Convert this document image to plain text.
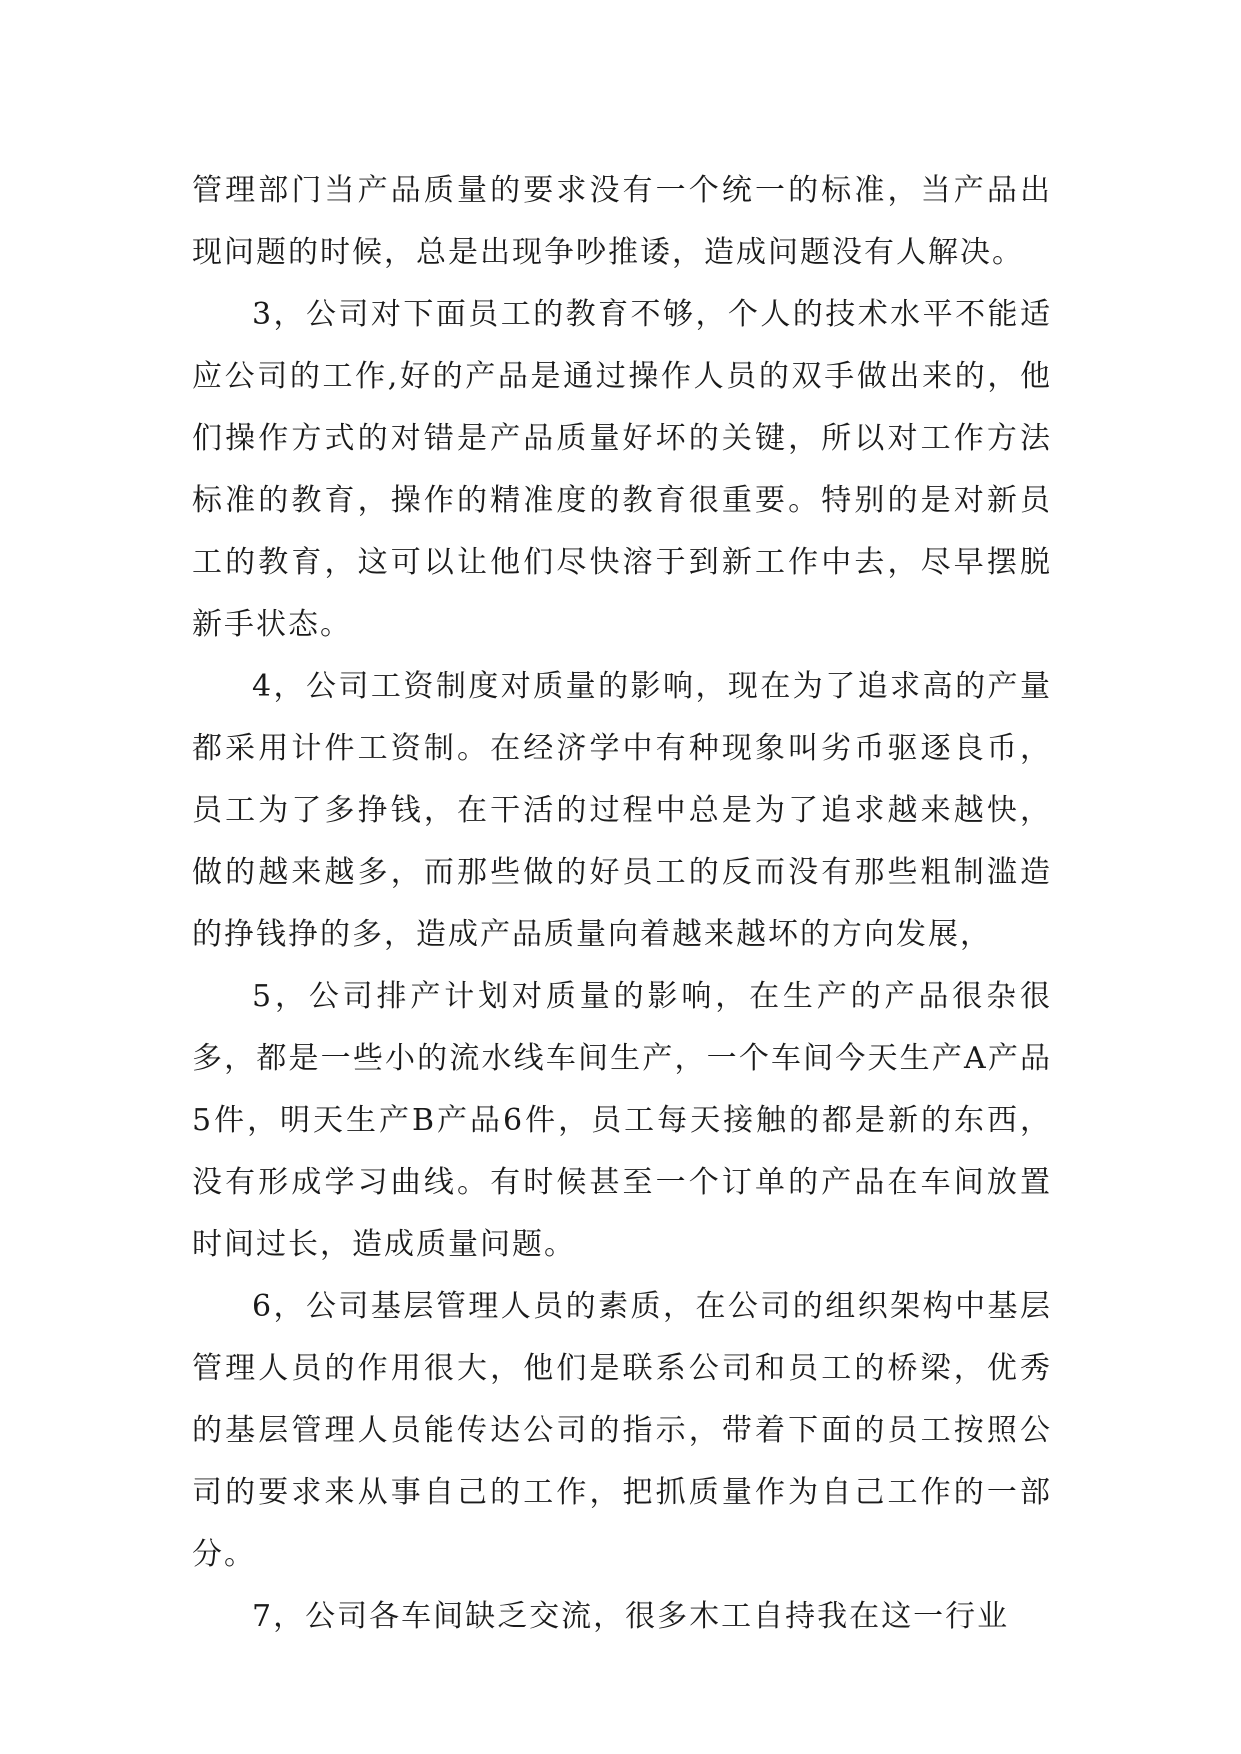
管理部门当产品质量的要求没有一个统一的标准，当产品出现问题的时候，总是出现争吵推诿，造成问题没有人解决。

3，公司对下面员工的教育不够，个人的技术水平不能适应公司的工作,好的产品是通过操作人员的双手做出来的，他们操作方式的对错是产品质量好坏的关键，所以对工作方法标准的教育，操作的精准度的教育很重要。特别的是对新员工的教育，这可以让他们尽快溶于到新工作中去，尽早摆脱新手状态。

4，公司工资制度对质量的影响，现在为了追求高的产量都采用计件工资制。在经济学中有种现象叫劣币驱逐良币，员工为了多挣钱，在干活的过程中总是为了追求越来越快，做的越来越多，而那些做的好员工的反而没有那些粗制滥造的挣钱挣的多，造成产品质量向着越来越坏的方向发展，

5，公司排产计划对质量的影响，在生产的产品很杂很多，都是一些小的流水线车间生产，一个车间今天生产A产品5件，明天生产B产品6件，员工每天接触的都是新的东西，没有形成学习曲线。有时候甚至一个订单的产品在车间放置时间过长，造成质量问题。

6，公司基层管理人员的素质，在公司的组织架构中基层管理人员的作用很大，他们是联系公司和员工的桥梁，优秀的基层管理人员能传达公司的指示，带着下面的员工按照公司的要求来从事自己的工作，把抓质量作为自己工作的一部分。

7，公司各车间缺乏交流，很多木工自持我在这一行业
